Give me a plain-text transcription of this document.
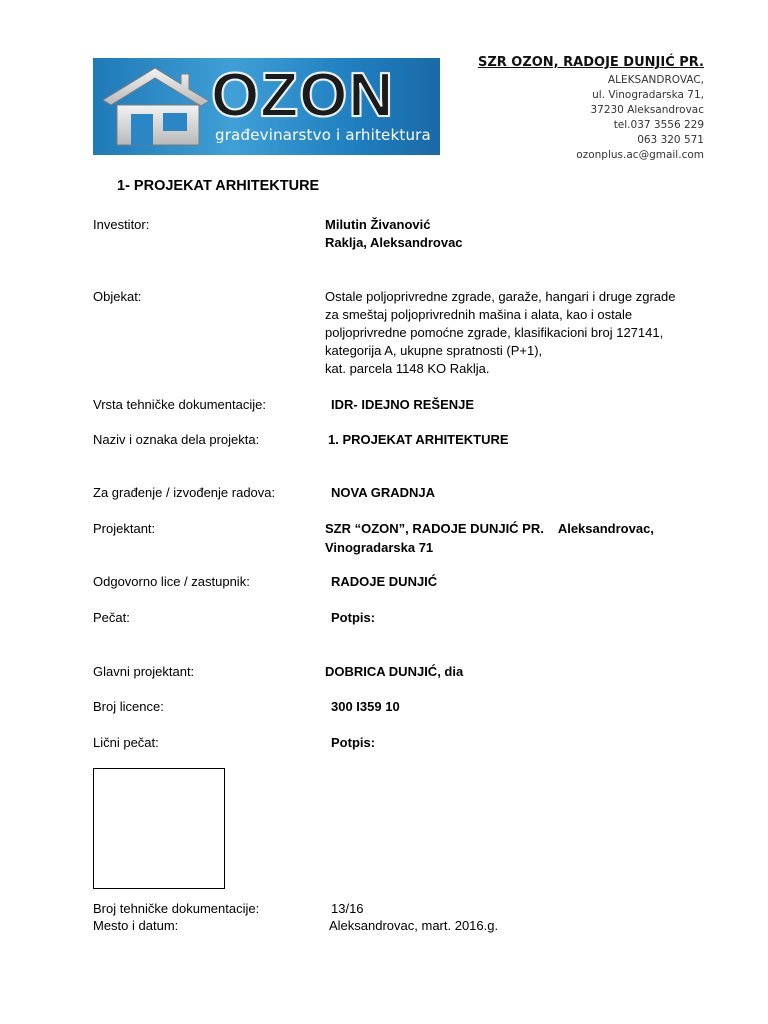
OZON
građevinarstvo i arhitektura
SZR OZON, RADOJE DUNJIĆ PR.
ALEKSANDROVAC,
ul. Vinogradarska 71,
37230 Aleksandrovac
tel.037 3556 229
063 320 571
ozonplus.ac@gmail.com
1- PROJEKAT ARHITEKTURE
Investitor:	Milutin Živanović
Raklja, Aleksandrovac
Objekat:	Ostale poljoprivredne zgrade, garaže, hangari i druge zgrade
za smeštaj poljoprivrednih mašina i alata, kao i ostale
poljoprivredne pomoćne zgrade, klasifikacioni broj 127141,
kategorija A, ukupne spratnosti (P+1),
kat. parcela 1148 KO Raklja.
Vrsta tehničke dokumentacije:	IDR- IDEJNO REŠENJE
Naziv i oznaka dela projekta:	1. PROJEKAT ARHITEKTURE
Za građenje / izvođenje radova:	NOVA GRADNJA
Projektant:	SZR “OZON”, RADOJE DUNJIĆ PR.    Aleksandrovac,
Vinogradarska 71
Odgovorno lice / zastupnik:	RADOJE DUNJIĆ
Pečat:	Potpis:
Glavni projektant:	DOBRICA DUNJIĆ, dia
Broj licence:	300 I359 10
Lični pečat:	Potpis:
Broj tehničke dokumentacije:	13/16
Mesto i datum:	Aleksandrovac, mart. 2016.g.
